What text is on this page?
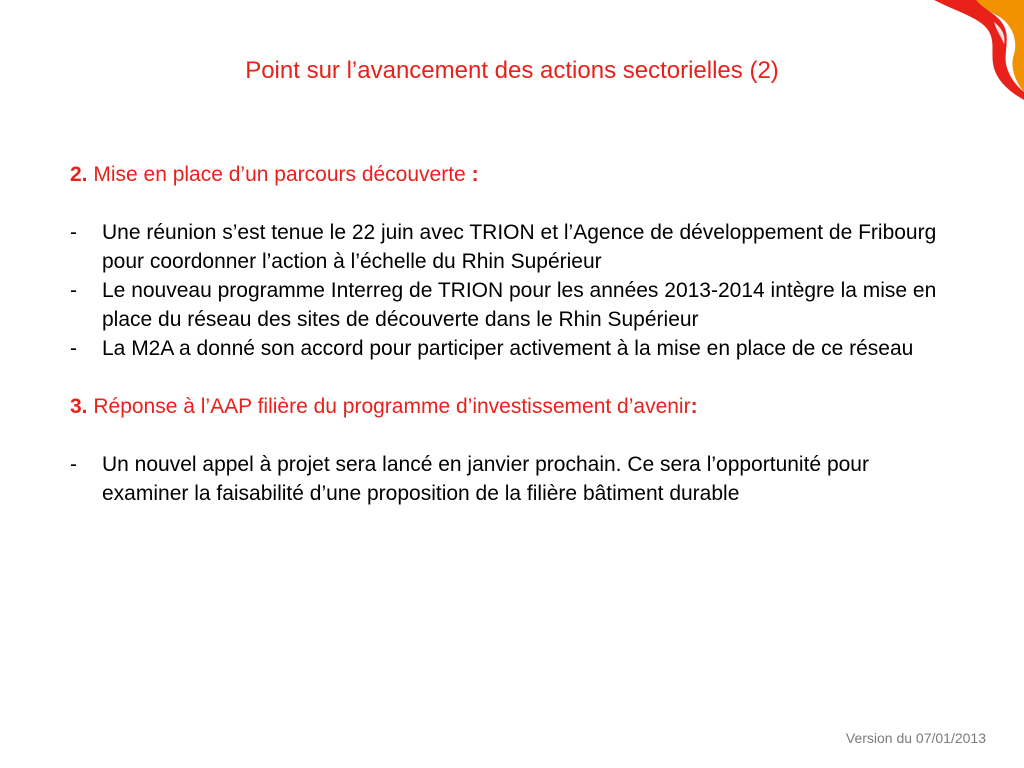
Point sur l’avancement des actions sectorielles (2)

2. Mise en place d’un parcours découverte :

-	Une réunion s’est tenue le 22 juin avec TRION et l’Agence de développement de Fribourg pour coordonner l’action à l’échelle du Rhin Supérieur
-	Le nouveau programme Interreg de TRION pour les années 2013-2014 intègre la mise en place du réseau des sites de découverte dans le Rhin Supérieur
-	La M2A a donné son accord pour participer activement à la mise en place de ce réseau

3. Réponse à l’AAP filière du programme d’investissement d’avenir:

-	Un nouvel appel à projet sera lancé en janvier prochain. Ce sera l’opportunité pour examiner la faisabilité d’une proposition de la filière bâtiment durable
Version du 07/01/2013
